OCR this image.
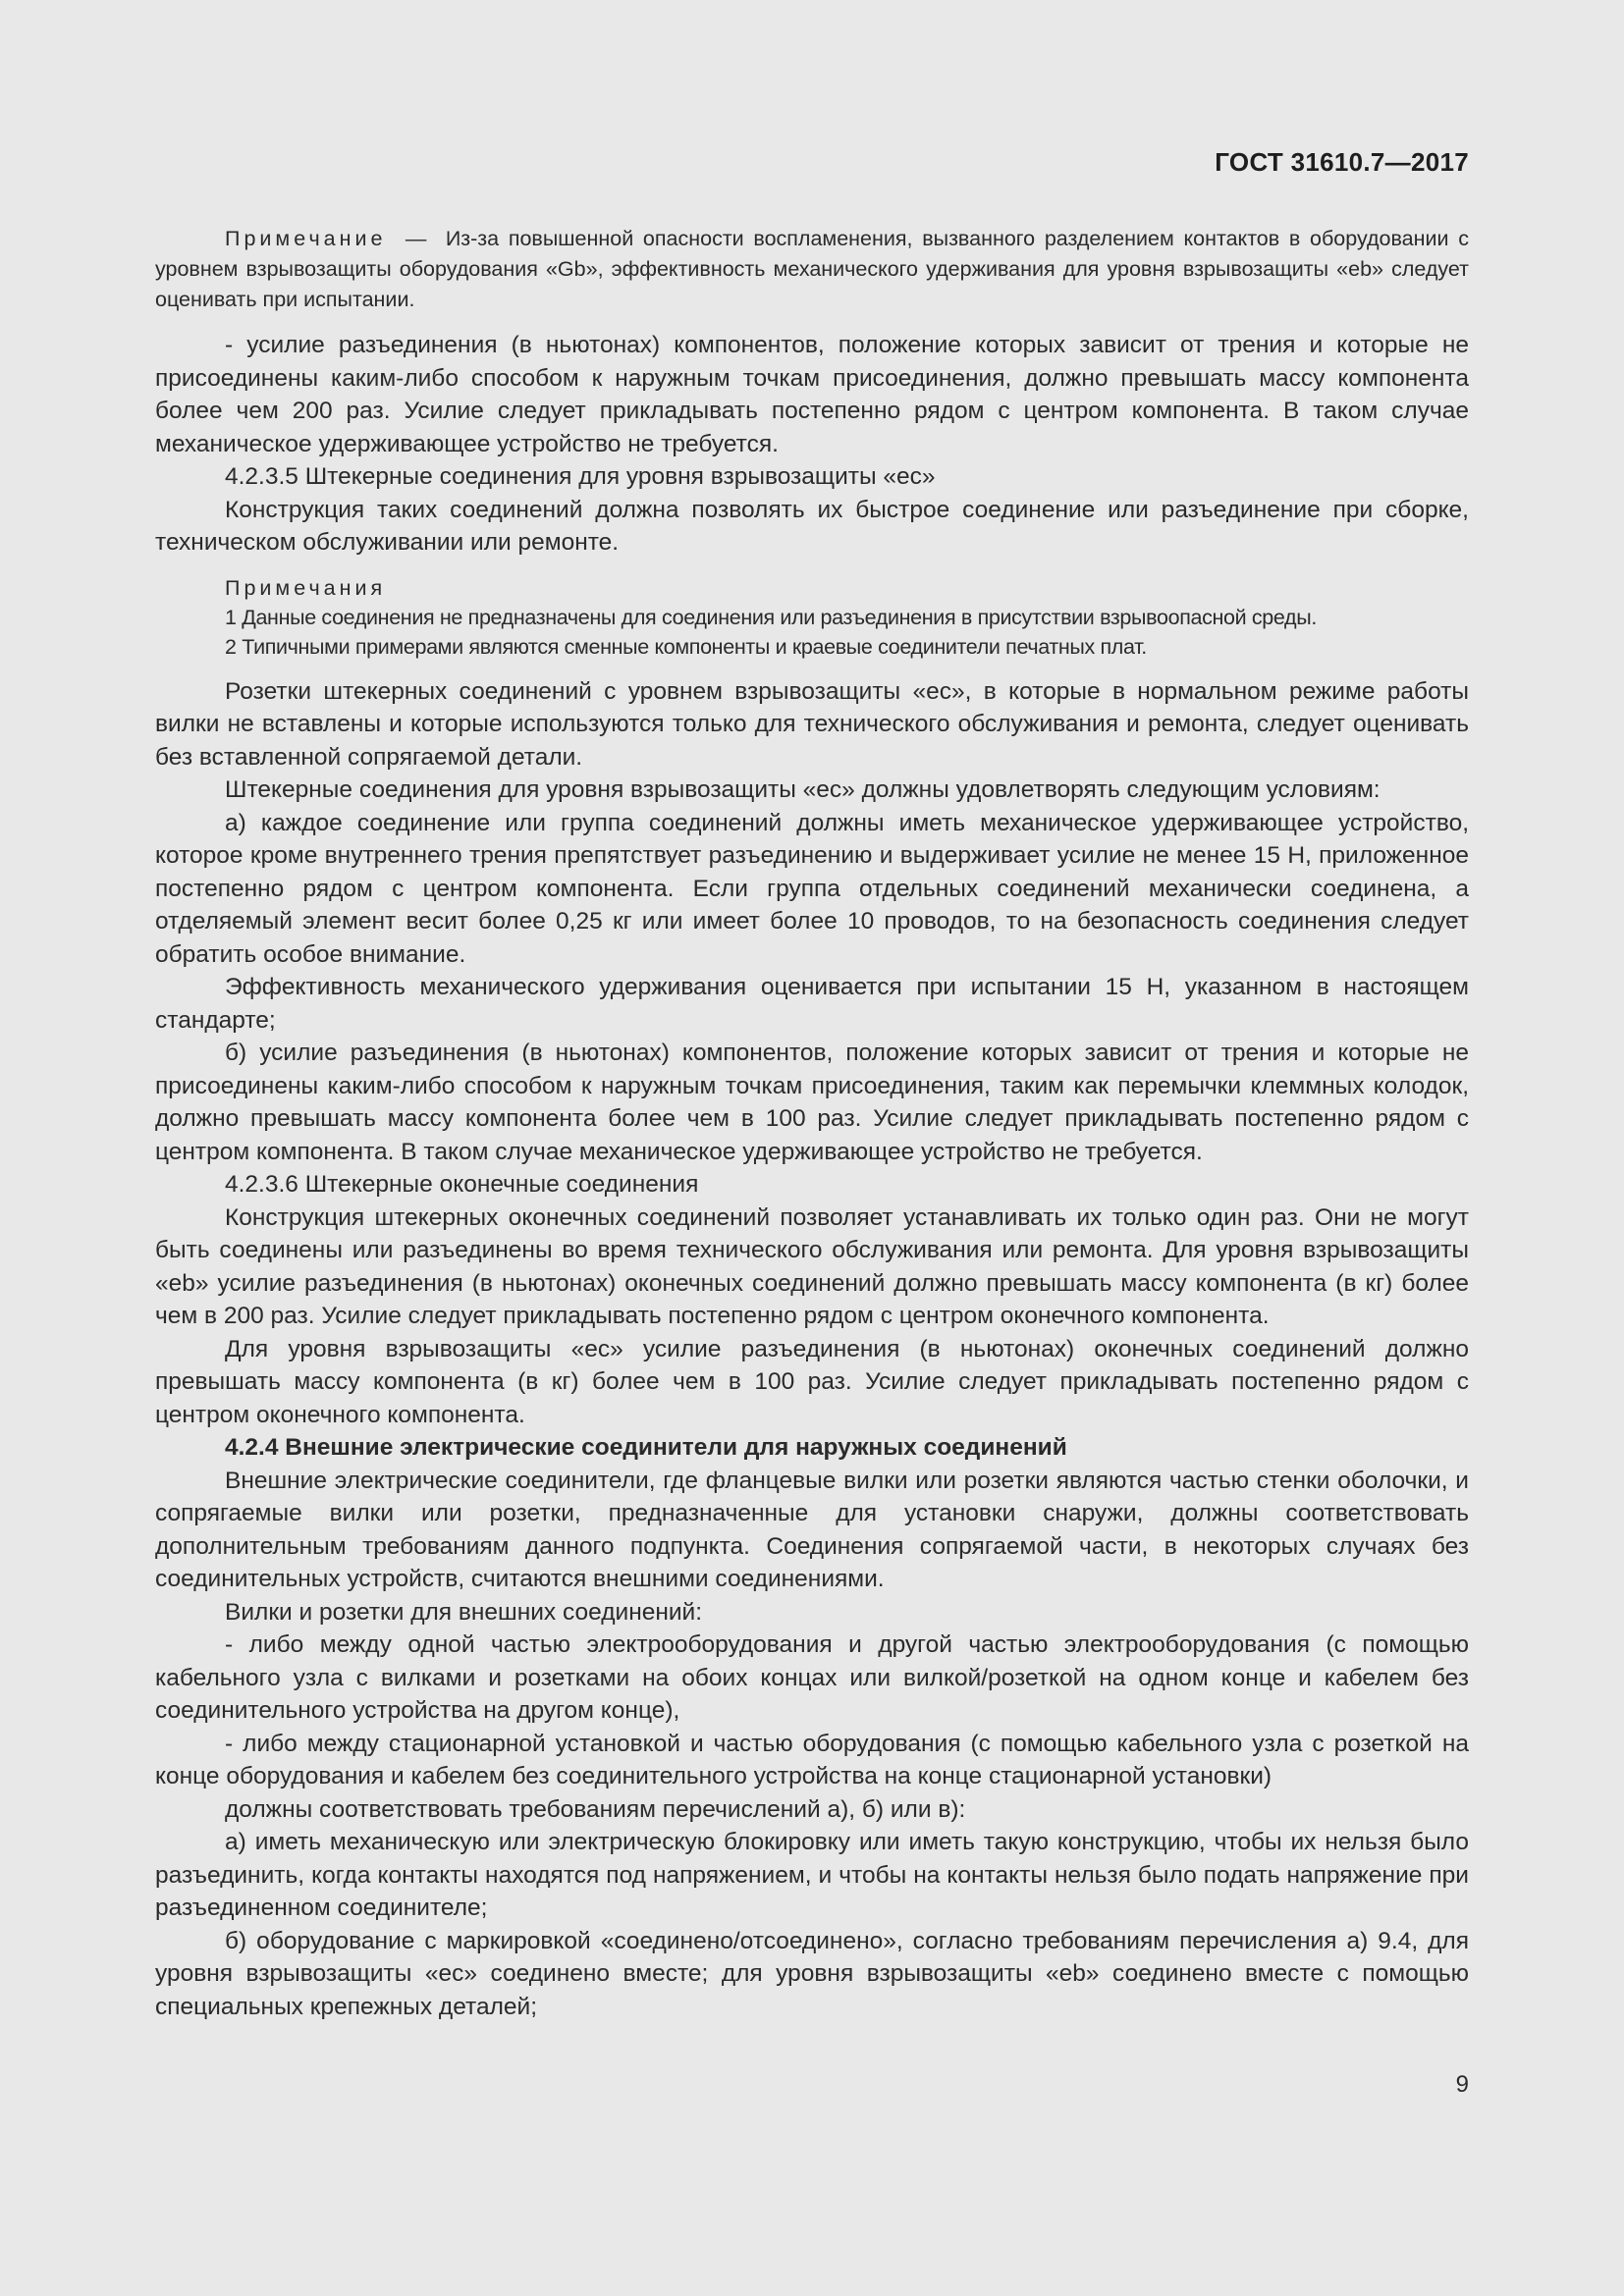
ГОСТ 31610.7—2017

Примечание — Из-за повышенной опасности воспламенения, вызванного разделением контактов в оборудовании с уровнем взрывозащиты оборудования «Gb», эффективность механического удерживания для уровня взрывозащиты «eb» следует оценивать при испытании.

- усилие разъединения (в ньютонах) компонентов, положение которых зависит от трения и которые не присоединены каким-либо способом к наружным точкам присоединения, должно превышать массу компонента более чем 200 раз. Усилие следует прикладывать постепенно рядом с центром компонента. В таком случае механическое удерживающее устройство не требуется.

4.2.3.5 Штекерные соединения для уровня взрывозащиты «ec»

Конструкция таких соединений должна позволять их быстрое соединение или разъединение при сборке, техническом обслуживании или ремонте.

Примечания
1 Данные соединения не предназначены для соединения или разъединения в присутствии взрывоопасной среды.
2 Типичными примерами являются сменные компоненты и краевые соединители печатных плат.

Розетки штекерных соединений с уровнем взрывозащиты «ec», в которые в нормальном режиме работы вилки не вставлены и которые используются только для технического обслуживания и ремонта, следует оценивать без вставленной сопрягаемой детали.

Штекерные соединения для уровня взрывозащиты «ec» должны удовлетворять следующим условиям:

а) каждое соединение или группа соединений должны иметь механическое удерживающее устройство, которое кроме внутреннего трения препятствует разъединению и выдерживает усилие не менее 15 Н, приложенное постепенно рядом с центром компонента. Если группа отдельных соединений механически соединена, а отделяемый элемент весит более 0,25 кг или имеет более 10 проводов, то на безопасность соединения следует обратить особое внимание.

Эффективность механического удерживания оценивается при испытании 15 Н, указанном в настоящем стандарте;

б) усилие разъединения (в ньютонах) компонентов, положение которых зависит от трения и которые не присоединены каким-либо способом к наружным точкам присоединения, таким как перемычки клеммных колодок, должно превышать массу компонента более чем в 100 раз. Усилие следует прикладывать постепенно рядом с центром компонента. В таком случае механическое удерживающее устройство не требуется.

4.2.3.6 Штекерные оконечные соединения

Конструкция штекерных оконечных соединений позволяет устанавливать их только один раз. Они не могут быть соединены или разъединены во время технического обслуживания или ремонта. Для уровня взрывозащиты «eb» усилие разъединения (в ньютонах) оконечных соединений должно превышать массу компонента (в кг) более чем в 200 раз. Усилие следует прикладывать постепенно рядом с центром оконечного компонента.

Для уровня взрывозащиты «ec» усилие разъединения (в ньютонах) оконечных соединений должно превышать массу компонента (в кг) более чем в 100 раз. Усилие следует прикладывать постепенно рядом с центром оконечного компонента.

4.2.4 Внешние электрические соединители для наружных соединений

Внешние электрические соединители, где фланцевые вилки или розетки являются частью стенки оболочки, и сопрягаемые вилки или розетки, предназначенные для установки снаружи, должны соответствовать дополнительным требованиям данного подпункта. Соединения сопрягаемой части, в некоторых случаях без соединительных устройств, считаются внешними соединениями.

Вилки и розетки для внешних соединений:

- либо между одной частью электрооборудования и другой частью электрооборудования (с помощью кабельного узла с вилками и розетками на обоих концах или вилкой/розеткой на одном конце и кабелем без соединительного устройства на другом конце),

- либо между стационарной установкой и частью оборудования (с помощью кабельного узла с розеткой на конце оборудования и кабелем без соединительного устройства на конце стационарной установки)

должны соответствовать требованиям перечислений а), б) или в):

а) иметь механическую или электрическую блокировку или иметь такую конструкцию, чтобы их нельзя было разъединить, когда контакты находятся под напряжением, и чтобы на контакты нельзя было подать напряжение при разъединенном соединителе;

б) оборудование с маркировкой «соединено/отсоединено», согласно требованиям перечисления а) 9.4, для уровня взрывозащиты «ec» соединено вместе; для уровня взрывозащиты «eb» соединено вместе с помощью специальных крепежных деталей;

9
